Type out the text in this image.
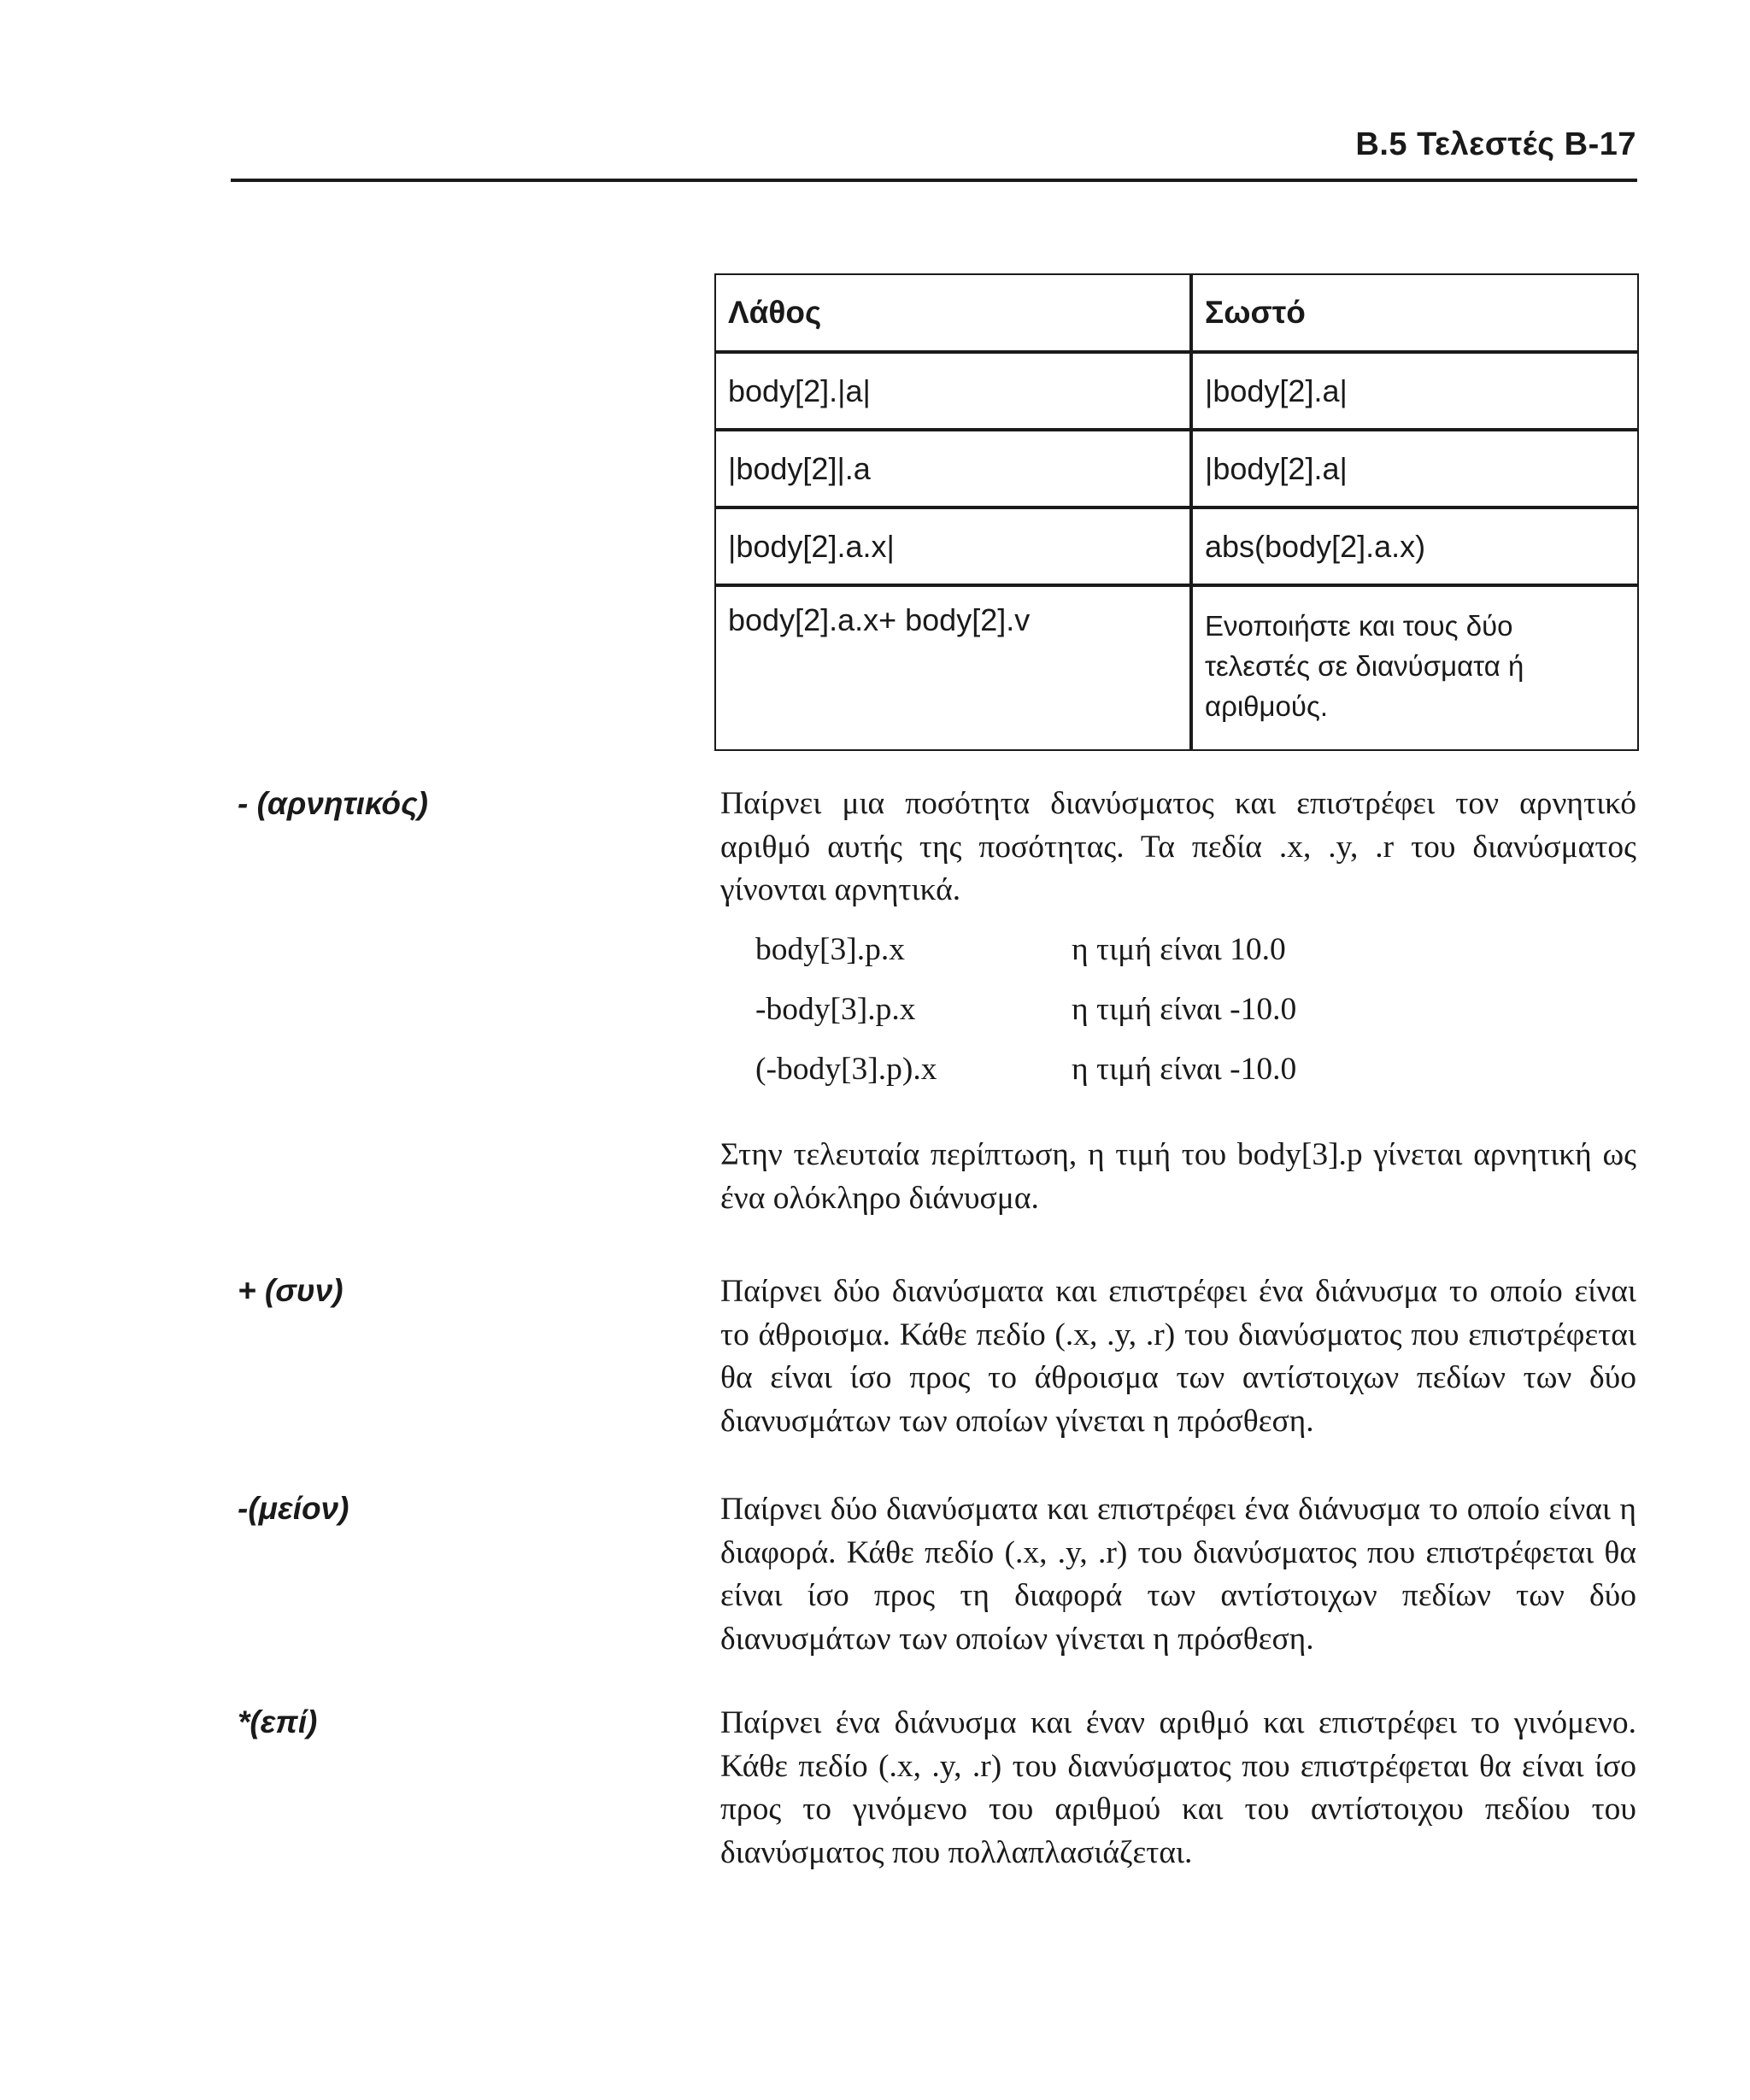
B.5 Τελεστές B-17
Λάθος	Σωστό
body[2].|a|	|body[2].a|
|body[2]|.a	|body[2].a|
|body[2].a.x|	abs(body[2].a.x)
body[2].a.x+ body[2].v	Ενοποιήστε και τους δύο τελεστές σε διανύσματα ή αριθμούς.
- (αρνητικός)	Παίρνει μια ποσότητα διανύσματος και επιστρέφει τον αρνητικό αριθμό αυτής της ποσότητας. Τα πεδία .x, .y, .r του διανύσματος γίνονται αρνητικά.

body[3].p.x	η τιμή είναι 10.0
-body[3].p.x	η τιμή είναι -10.0
(-body[3].p).x	η τιμή είναι -10.0

Στην τελευταία περίπτωση, η τιμή του body[3].p γίνεται αρνητική ως ένα ολόκληρο διάνυσμα.

+ (συν)	Παίρνει δύο διανύσματα και επιστρέφει ένα διάνυσμα το οποίο είναι το άθροισμα. Κάθε πεδίο (.x, .y, .r) του διανύσματος που επιστρέφεται θα είναι ίσο προς το άθροισμα των αντίστοιχων πεδίων των δύο διανυσμάτων των οποίων γίνεται η πρόσθεση.

-(μείον)	Παίρνει δύο διανύσματα και επιστρέφει ένα διάνυσμα το οποίο είναι η διαφορά. Κάθε πεδίο (.x, .y, .r) του διανύσματος που επιστρέφεται θα είναι ίσο προς τη διαφορά των αντίστοιχων πεδίων των δύο διανυσμάτων των οποίων γίνεται η πρόσθεση.

*(επί)	Παίρνει ένα διάνυσμα και έναν αριθμό και επιστρέφει το γινόμενο. Κάθε πεδίο (.x, .y, .r) του διανύσματος που επιστρέφεται θα είναι ίσο προς το γινόμενο του αριθμού και του αντίστοιχου πεδίου του διανύσματος που πολλαπλασιάζεται.
